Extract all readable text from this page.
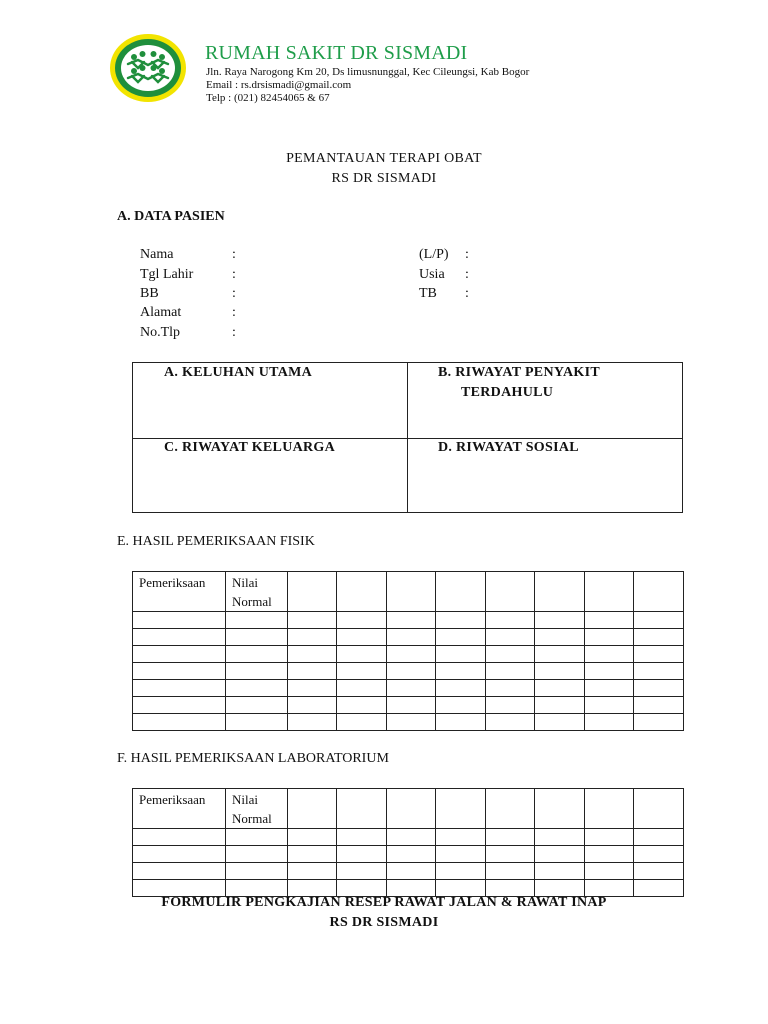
RUMAH SAKIT DR SISMADI
Jln. Raya Narogong Km 20, Ds limusnunggal, Kec Cileungsi, Kab Bogor
Email : rs.drsismadi@gmail.com
Telp : (021) 82454065 & 67
PEMANTAUAN TERAPI OBAT
RS DR SISMADI
A. DATA PASIEN
Nama	:
Tgl Lahir	:
BB	:
Alamat	:
No.Tlp	:
(L/P) :
Usia :
TB :
A. KELUHAN UTAMA	B. RIWAYAT PENYAKIT
TERDAHULU
C. RIWAYAT KELUARGA	D. RIWAYAT SOSIAL
E. HASIL PEMERIKSAAN FISIK
Pemeriksaan	Nilai
Normal								

F. HASIL PEMERIKSAAN LABORATORIUM
Pemeriksaan	Nilai
Normal								

FORMULIR PENGKAJIAN RESEP RAWAT JALAN & RAWAT INAP
RS DR SISMADI
